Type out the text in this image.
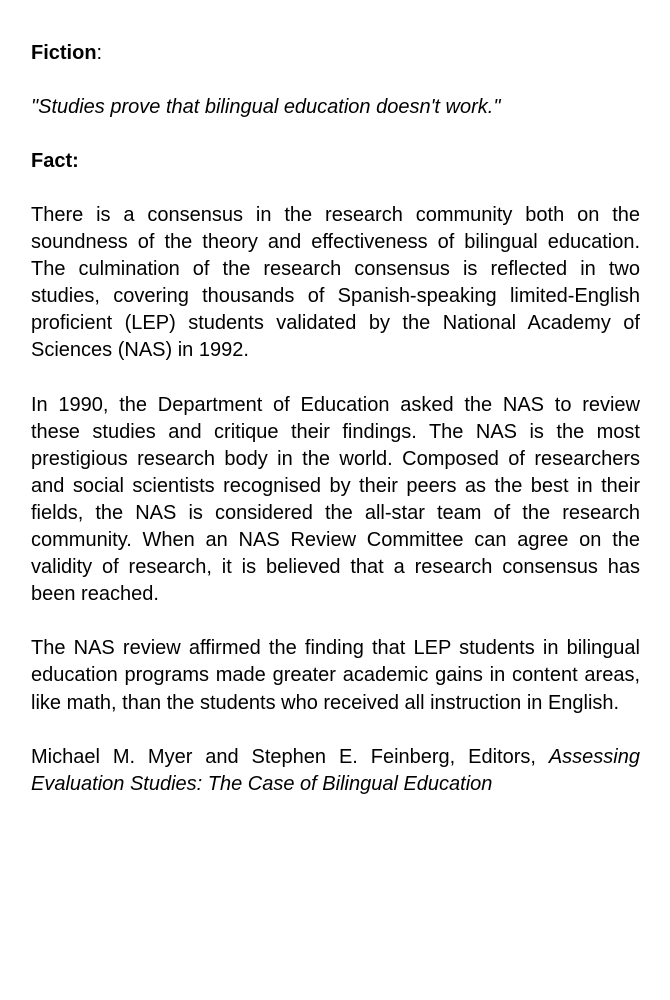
Fiction:

"Studies prove that bilingual education doesn't work."

Fact:

There is a consensus in the research community both on the soundness of the theory and effectiveness of bilingual education. The culmination of the research consensus is reflected in two studies, covering thousands of Spanish-speaking limited-English proficient (LEP) students validated by the National Academy of Sciences (NAS) in 1992.

In 1990, the Department of Education asked the NAS to review these studies and critique their findings. The NAS is the most prestigious research body in the world. Composed of researchers and social scientists recognised by their peers as the best in their fields, the NAS is considered the all-star team of the research community. When an NAS Review Committee can agree on the validity of research, it is believed that a research consensus has been reached.

The NAS review affirmed the finding that LEP students in bilingual education programs made greater academic gains in content areas, like math, than the students who received all instruction in English.

Michael M. Myer and Stephen E. Feinberg, Editors, Assessing Evaluation Studies: The Case of Bilingual Education
